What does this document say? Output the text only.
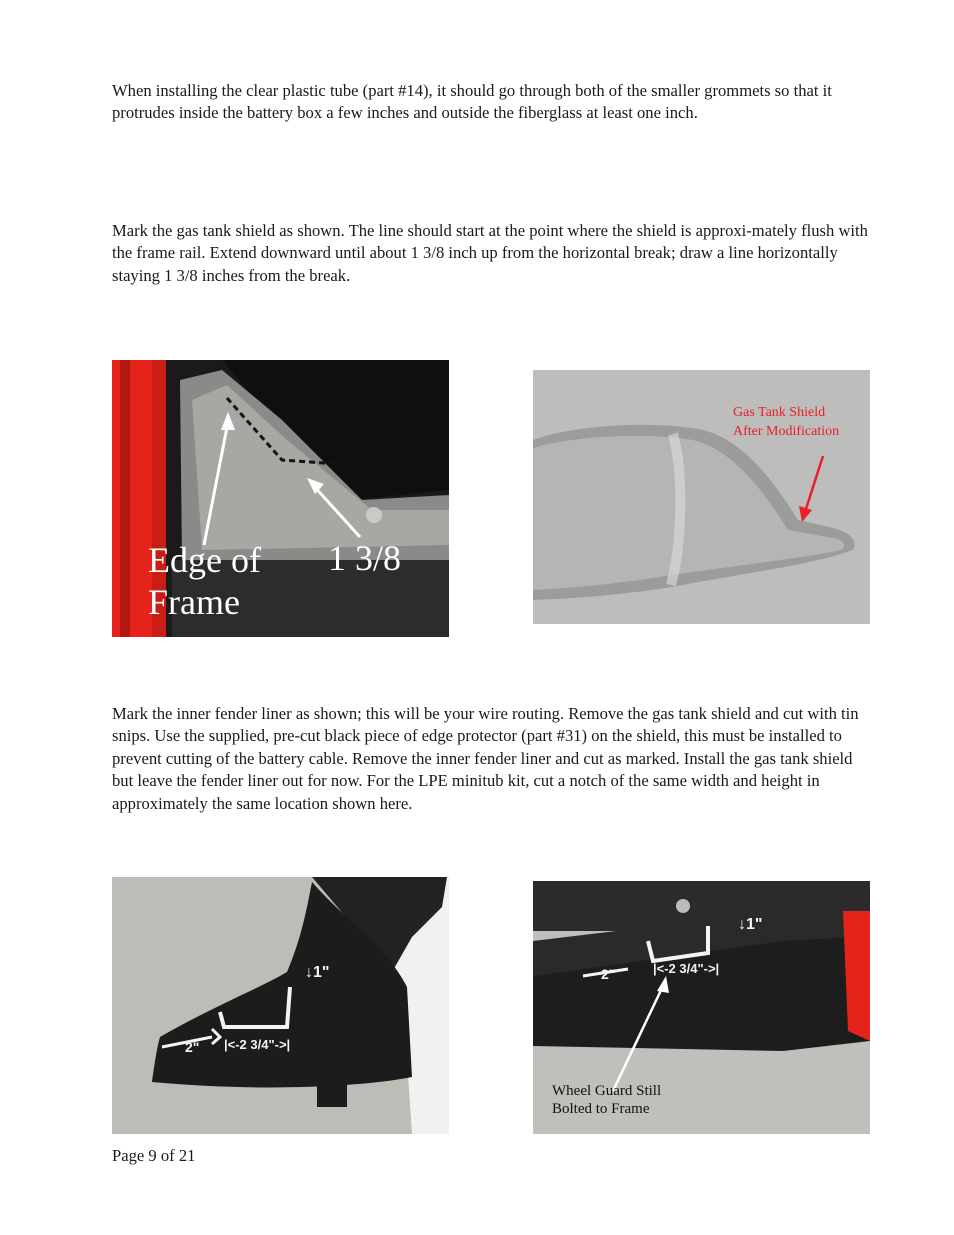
When installing the clear plastic tube (part #14), it should go through both of the smaller grommets so that it protrudes inside the battery box a few inches and outside the fiberglass at least one inch.

Mark the gas tank shield as shown. The line should start at the point where the shield is approxi-mately flush with the frame rail. Extend downward until about 1 3/8 inch up from the horizontal break; draw a line horizontally staying 1 3/8 inches from the break.

Mark the inner fender liner as shown; this will be your wire routing. Remove the gas tank shield and cut with tin snips. Use the supplied, pre-cut black piece of edge protector (part #31) on the shield, this must be installed to prevent cutting of the battery cable. Remove the inner fender liner and cut as marked. Install the gas tank shield but leave the fender liner out for now. For the LPE minitub kit, cut a notch of the same width and height in approximately the same location shown here.

Edge of
Frame
1 3/8
Gas Tank Shield
After Modification
2" |<-2 3/4"->|
↓1"	2"	|<-2 3/4"->|
↓1"
Wheel Guard Still
Bolted to Frame
Page 9 of 21
